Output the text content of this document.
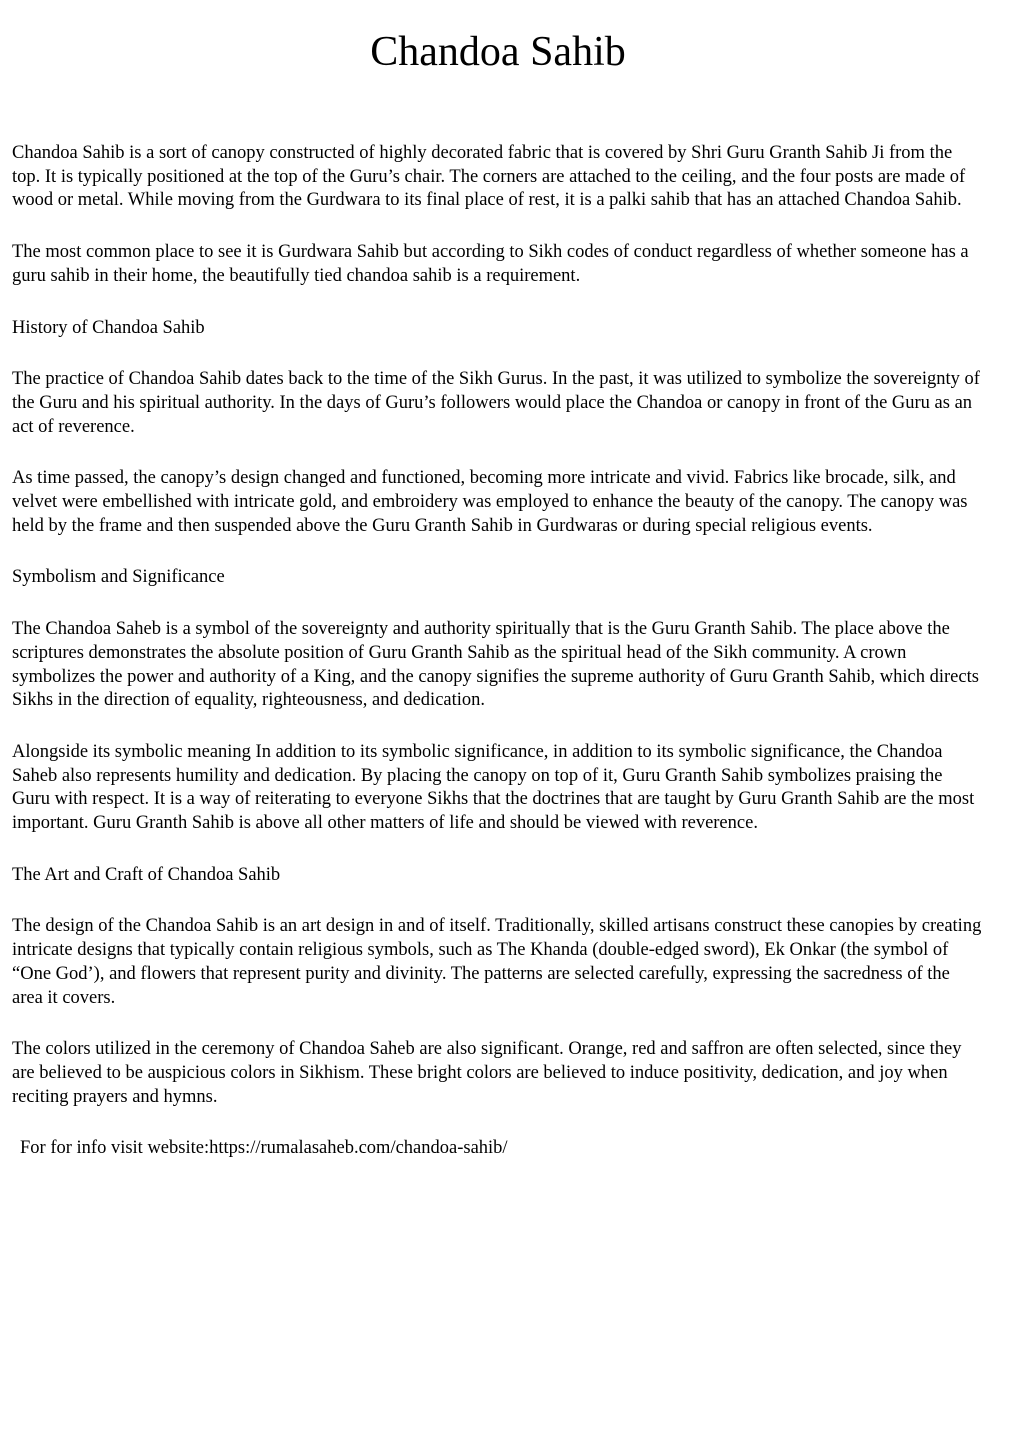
Chandoa Sahib

Chandoa Sahib is a sort of canopy constructed of highly decorated fabric that is covered by Shri Guru Granth Sahib Ji from the top. It is typically positioned at the top of the Guru’s chair. The corners are attached to the ceiling, and the four posts are made of wood or metal. While moving from the Gurdwara to its final place of rest, it is a palki sahib that has an attached Chandoa Sahib.

The most common place to see it is Gurdwara Sahib but according to Sikh codes of conduct regardless of whether someone has a guru sahib in their home, the beautifully tied chandoa sahib is a requirement.

History of Chandoa Sahib

The practice of Chandoa Sahib dates back to the time of the Sikh Gurus. In the past, it was utilized to symbolize the sovereignty of the Guru and his spiritual authority. In the days of Guru’s followers would place the Chandoa or canopy in front of the Guru as an act of reverence.

As time passed, the canopy’s design changed and functioned, becoming more intricate and vivid. Fabrics like brocade, silk, and velvet were embellished with intricate gold, and embroidery was employed to enhance the beauty of the canopy. The canopy was held by the frame and then suspended above the Guru Granth Sahib in Gurdwaras or during special religious events.

Symbolism and Significance

The Chandoa Saheb is a symbol of the sovereignty and authority spiritually that is the Guru Granth Sahib. The place above the scriptures demonstrates the absolute position of Guru Granth Sahib as the spiritual head of the Sikh community. A crown symbolizes the power and authority of a King, and the canopy signifies the supreme authority of Guru Granth Sahib, which directs Sikhs in the direction of equality, righteousness, and dedication.

Alongside its symbolic meaning In addition to its symbolic significance, in addition to its symbolic significance, the Chandoa Saheb also represents humility and dedication. By placing the canopy on top of it, Guru Granth Sahib symbolizes praising the Guru with respect. It is a way of reiterating to everyone Sikhs that the doctrines that are taught by Guru Granth Sahib are the most important. Guru Granth Sahib is above all other matters of life and should be viewed with reverence.

The Art and Craft of Chandoa Sahib

The design of the Chandoa Sahib is an art design in and of itself. Traditionally, skilled artisans construct these canopies by creating intricate designs that typically contain religious symbols, such as The Khanda (double-edged sword), Ek Onkar (the symbol of “One God’), and flowers that represent purity and divinity. The patterns are selected carefully, expressing the sacredness of the area it covers.

The colors utilized in the ceremony of Chandoa Saheb are also significant. Orange, red and saffron are often selected, since they are believed to be auspicious colors in Sikhism. These bright colors are believed to induce positivity, dedication, and joy when reciting prayers and hymns.

For for info visit website:https://rumalasaheb.com/chandoa-sahib/
